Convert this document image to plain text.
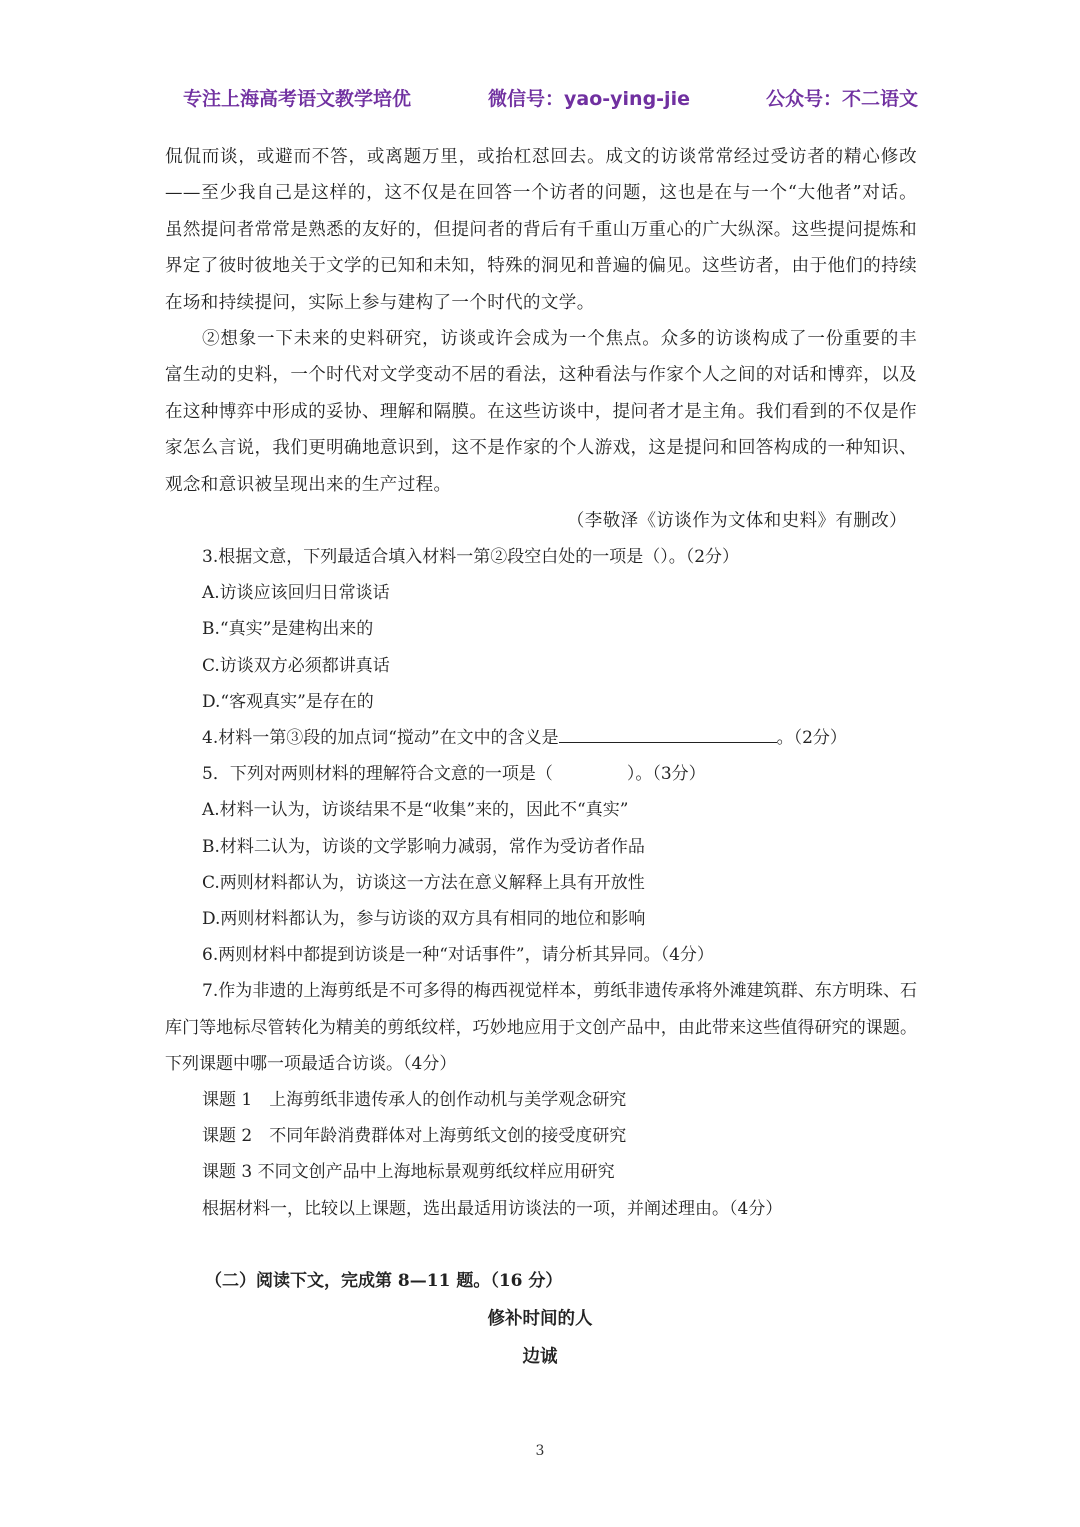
专注上海高考语文教学培优	微信号：yao-ying-jie	公众号：不二语文

侃侃而谈，或避而不答，或离题万里，或抬杠怼回去。成文的访谈常常经过受访者的精心修改——至少我自己是这样的，这不仅是在回答一个访者的问题，这也是在与一个“大他者”对话。虽然提问者常常是熟悉的友好的，但提问者的背后有千重山万重心的广大纵深。这些提问提炼和界定了彼时彼地关于文学的已知和未知，特殊的洞见和普遍的偏见。这些访者，由于他们的持续在场和持续提问，实际上参与建构了一个时代的文学。

②想象一下未来的史料研究，访谈或许会成为一个焦点。众多的访谈构成了一份重要的丰富生动的史料，一个时代对文学变动不居的看法，这种看法与作家个人之间的对话和博弈，以及在这种博弈中形成的妥协、理解和隔膜。在这些访谈中，提问者才是主角。我们看到的不仅是作家怎么言说，我们更明确地意识到，这不是作家的个人游戏，这是提问和回答构成的一种知识、观念和意识被呈现出来的生产过程。

（李敬泽《访谈作为文体和史料》有删改）

3.根据文意，下列最适合填入材料一第②段空白处的一项是（）。（2分）

A.访谈应该回归日常谈话

B.“真实”是建构出来的

C.访谈双方必须都讲真话

D.“客观真实”是存在的

4.材料一第③段的加点词“搅动”在文中的含义是	。（2分）

5．下列对两则材料的理解符合文意的一项是（	）。（3分）

A.材料一认为，访谈结果不是“收集”来的，因此不“真实”

B.材料二认为，访谈的文学影响力减弱，常作为受访者作品

C.两则材料都认为，访谈这一方法在意义解释上具有开放性

D.两则材料都认为，参与访谈的双方具有相同的地位和影响

6.两则材料中都提到访谈是一种“对话事件”，请分析其异同。（4分）

7.作为非遗的上海剪纸是不可多得的梅西视觉样本，剪纸非遗传承将外滩建筑群、东方明珠、石库门等地标尽管转化为精美的剪纸纹样，巧妙地应用于文创产品中，由此带来这些值得研究的课题。下列课题中哪一项最适合访谈。（4分）

课题 1　上海剪纸非遗传承人的创作动机与美学观念研究

课题 2　不同年龄消费群体对上海剪纸文创的接受度研究

课题 3 不同文创产品中上海地标景观剪纸纹样应用研究

根据材料一，比较以上课题，选出最适用访谈法的一项，并阐述理由。（4分）

（二）阅读下文，完成第 8—11 题。（16 分）
修补时间的人
边诚
3
